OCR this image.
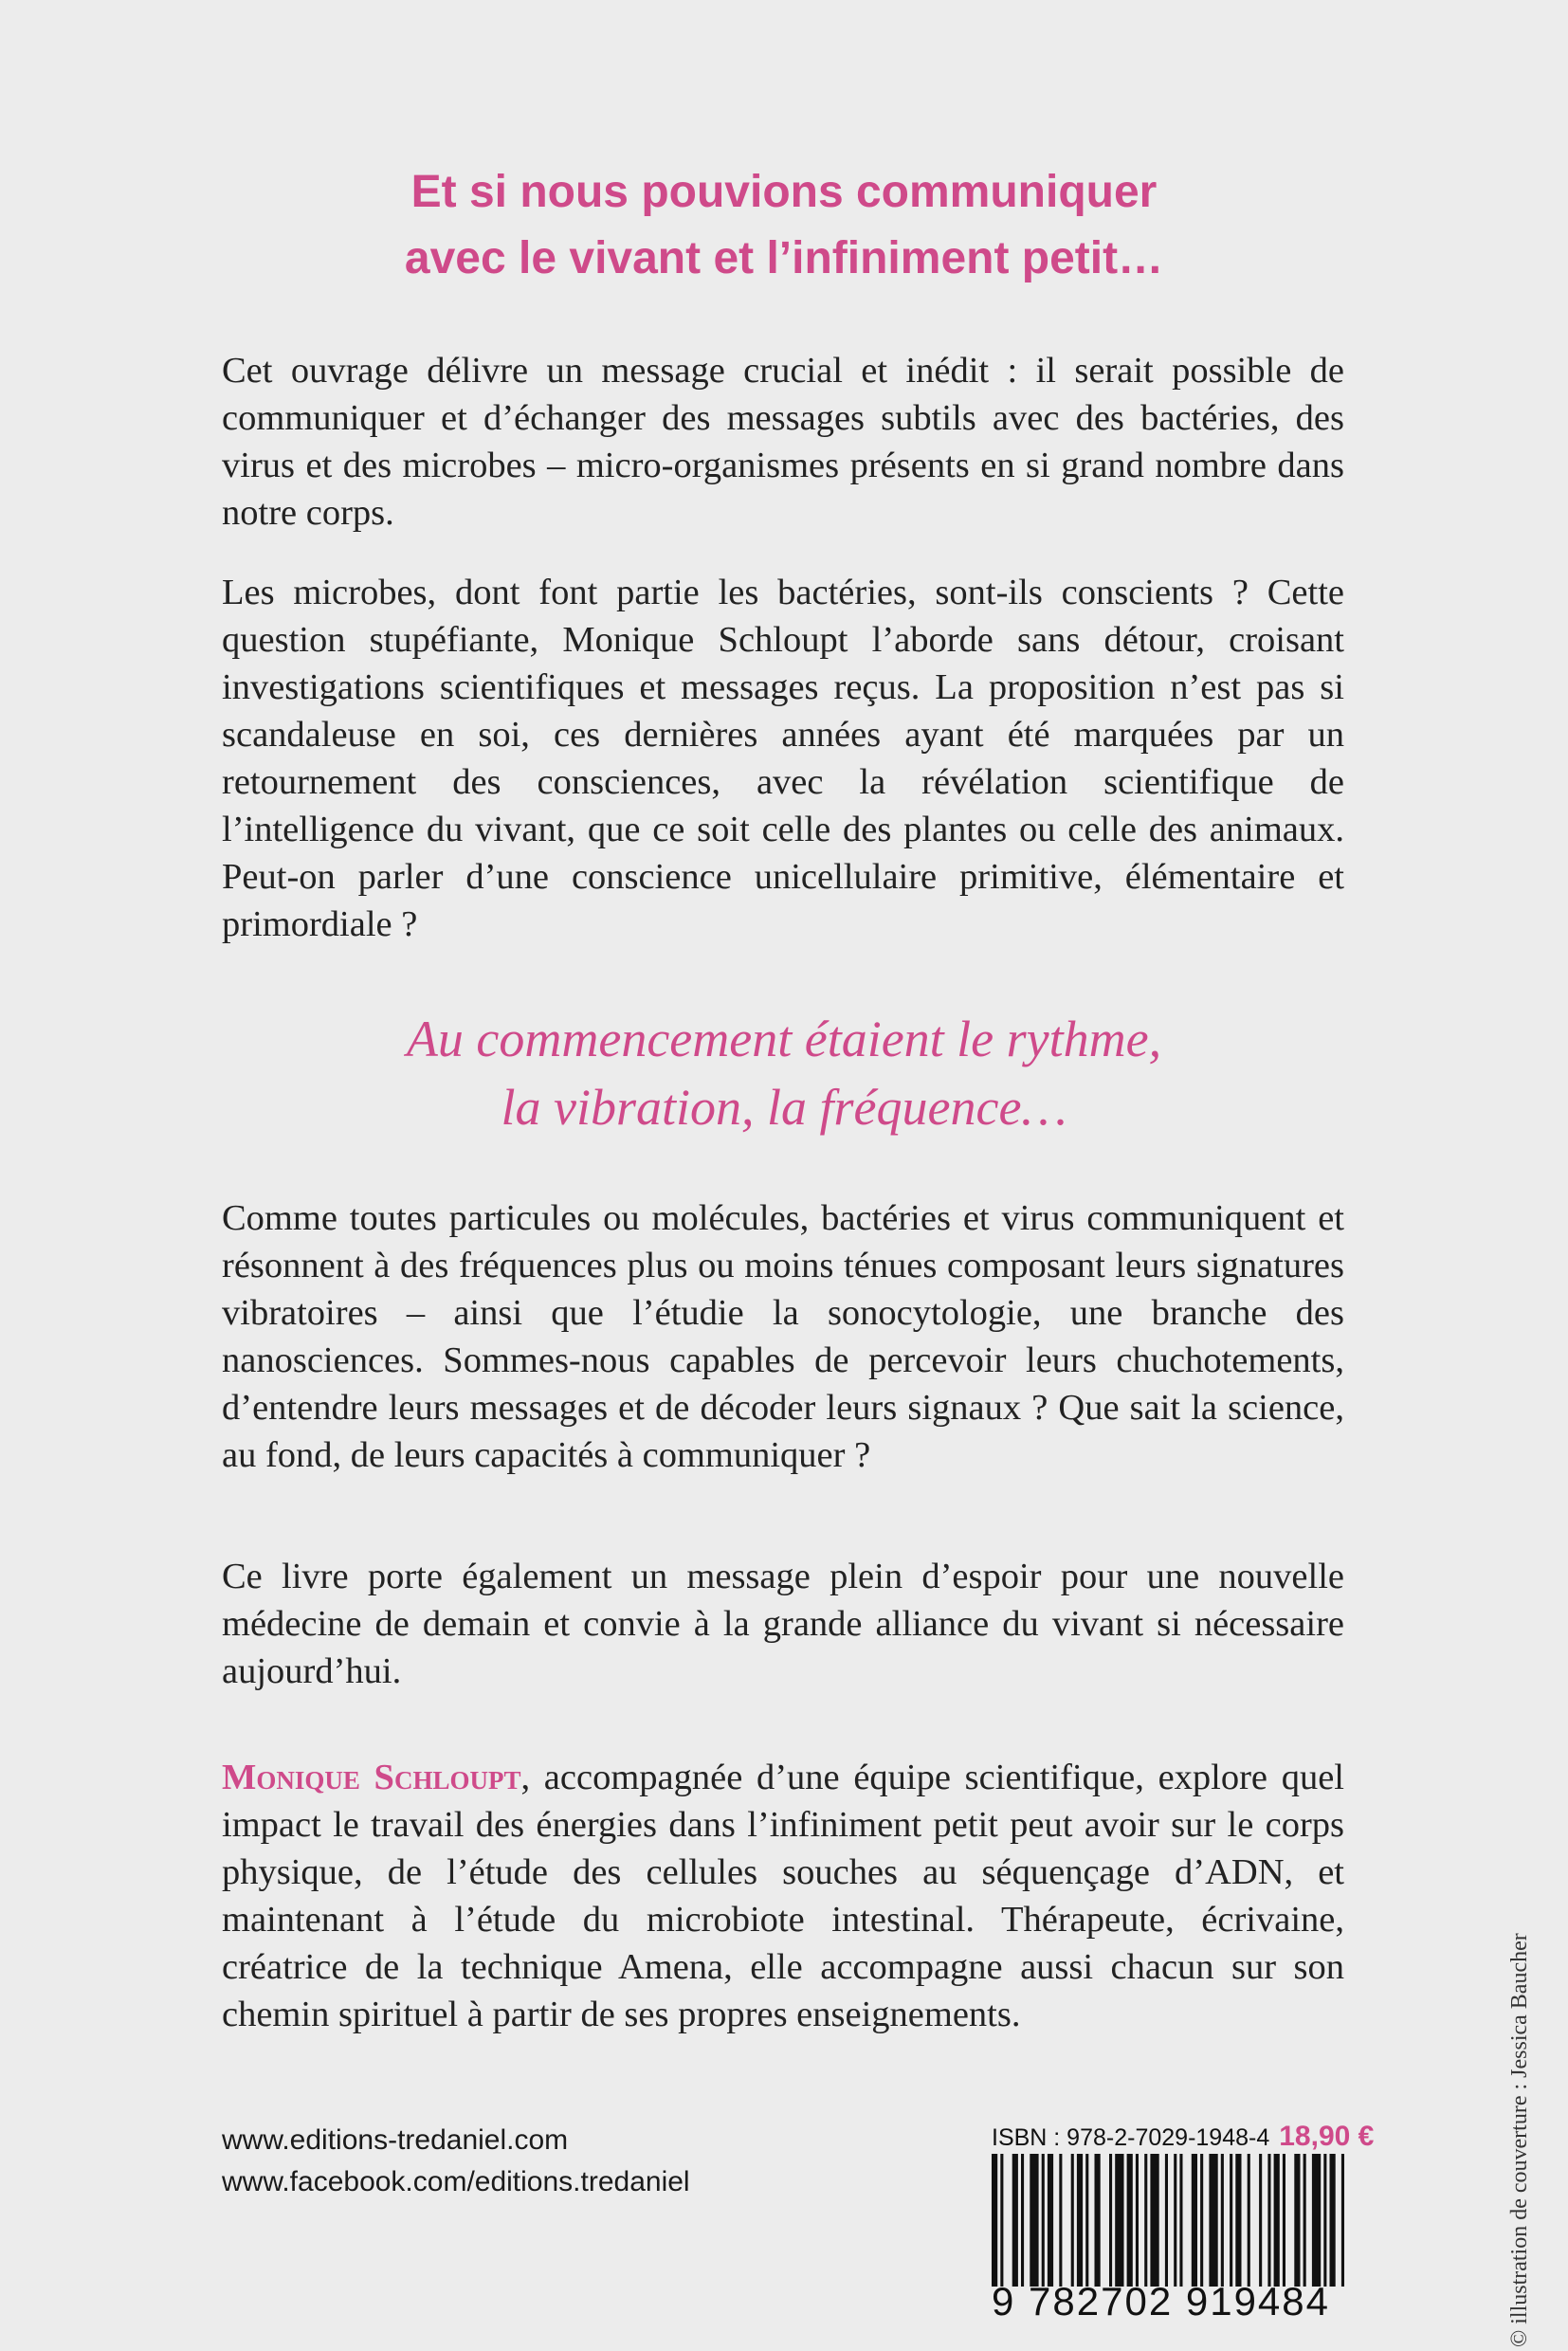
Et si nous pouvions communiquer
avec le vivant et l’infiniment petit…
Cet ouvrage délivre un message crucial et inédit : il serait possible de communiquer et d’échanger des messages subtils avec des bactéries, des virus et des microbes – micro-organismes présents en si grand nombre dans notre corps.
Les microbes, dont font partie les bactéries, sont-ils conscients ? Cette question stupéfiante, Monique Schloupt l’aborde sans détour, croisant investigations scientifiques et messages reçus. La proposition n’est pas si scandaleuse en soi, ces dernières années ayant été marquées par un retournement des consciences, avec la révélation scientifique de l’intelligence du vivant, que ce soit celle des plantes ou celle des animaux. Peut-on parler d’une conscience unicellulaire primitive, élémentaire et primordiale ?
Au commencement étaient le rythme,
la vibration, la fréquence…
Comme toutes particules ou molécules, bactéries et virus communiquent et résonnent à des fréquences plus ou moins ténues composant leurs signatures vibratoires – ainsi que l’étudie la sonocytologie, une branche des nanosciences. Sommes-nous capables de percevoir leurs chuchotements, d’entendre leurs messages et de décoder leurs signaux ? Que sait la science, au fond, de leurs capacités à communiquer ?
Ce livre porte également un message plein d’espoir pour une nouvelle médecine de demain et convie à la grande alliance du vivant si nécessaire aujourd’hui.
Monique Schloupt, accompagnée d’une équipe scientifique, explore quel impact le travail des énergies dans l’infiniment petit peut avoir sur le corps physique, de l’étude des cellules souches au séquençage d’ADN, et maintenant à l’étude du microbiote intestinal. Thérapeute, écrivaine, créatrice de la technique Amena, elle accompagne aussi chacun sur son chemin spirituel à partir de ses propres enseignements.
www.editions-tredaniel.com
www.facebook.com/editions.tredaniel
ISBN : 978-2-7029-1948-4 18,90 €
9 782702 919484	© illustration de couverture : Jessica Baucher
